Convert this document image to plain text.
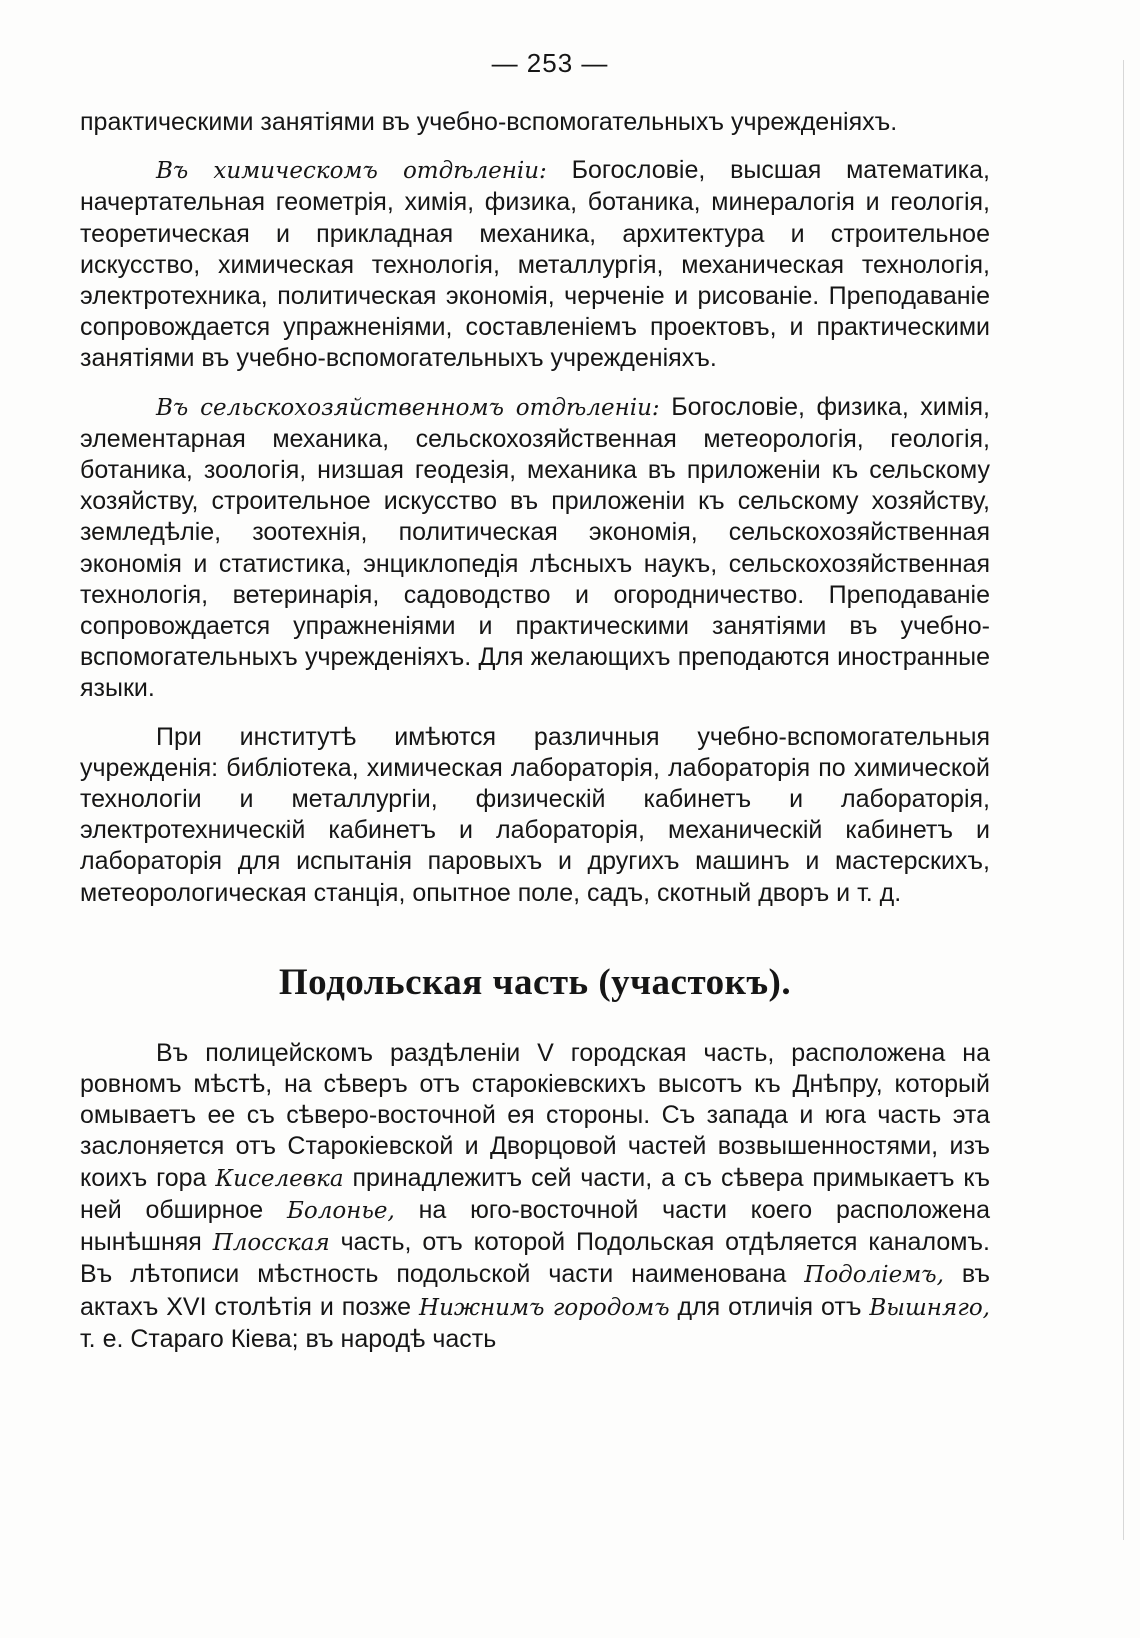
— 253 —

практическими занятіями въ учебно-вспомогательныхъ учрежденіяхъ.

Въ химическомъ отдѣленіи: Богословіе, высшая математика, начертательная геометрія, химія, физика, ботаника, минералогія и геологія, теоретическая и прикладная механика, архитектура и строительное искусство, химическая технологія, металлургія, механическая технологія, электротехника, политическая экономія, черченіе и рисованіе. Преподаваніе сопровождается упражненіями, составленіемъ проектовъ, и практическими занятіями въ учебно-вспомогательныхъ учрежденіяхъ.

Въ сельскохозяйственномъ отдѣленіи: Богословіе, физика, химія, элементарная механика, сельскохозяйственная метеорологія, геологія, ботаника, зоологія, низшая геодезія, механика въ приложеніи къ сельскому хозяйству, строительное искусство въ приложеніи къ сельскому хозяйству, земледѣліе, зоотехнія, политическая экономія, сельскохозяйственная экономія и статистика, энциклопедія лѣсныхъ наукъ, сельскохозяйственная технологія, ветеринарія, садоводство и огородничество. Преподаваніе сопровождается упражненіями и практическими занятіями въ учебно-вспомогательныхъ учрежденіяхъ. Для желающихъ преподаются иностранные языки.

При институтѣ имѣются различныя учебно-вспомогательныя учрежденія: библіотека, химическая лабораторія, лабораторія по химической технологіи и металлургіи, физическій кабинетъ и лабораторія, электротехническій кабинетъ и лабораторія, механическій кабинетъ и лабораторія для испытанія паровыхъ и другихъ машинъ и мастерскихъ, метеорологическая станція, опытное поле, садъ, скотный дворъ и т. д.

Подольская часть (участокъ).

Въ полицейскомъ раздѣленіи V городская часть, расположена на ровномъ мѣстѣ, на сѣверъ отъ старокіевскихъ высотъ къ Днѣпру, который омываетъ ее съ сѣверо-восточной ея стороны. Съ запада и юга часть эта заслоняется отъ Старокіевской и Дворцовой частей возвышенностями, изъ коихъ гора Киселевка принадлежитъ сей части, а съ сѣвера примыкаетъ къ ней обширное Болонье, на юго-восточной части коего расположена нынѣшняя Плосская часть, отъ которой Подольская отдѣляется каналомъ. Въ лѣтописи мѣстность подольской части наименована Подоліемъ, въ актахъ XVI столѣтія и позже Нижнимъ городомъ для отличія отъ Вышняго, т. е. Стараго Кіева; въ народѣ часть
